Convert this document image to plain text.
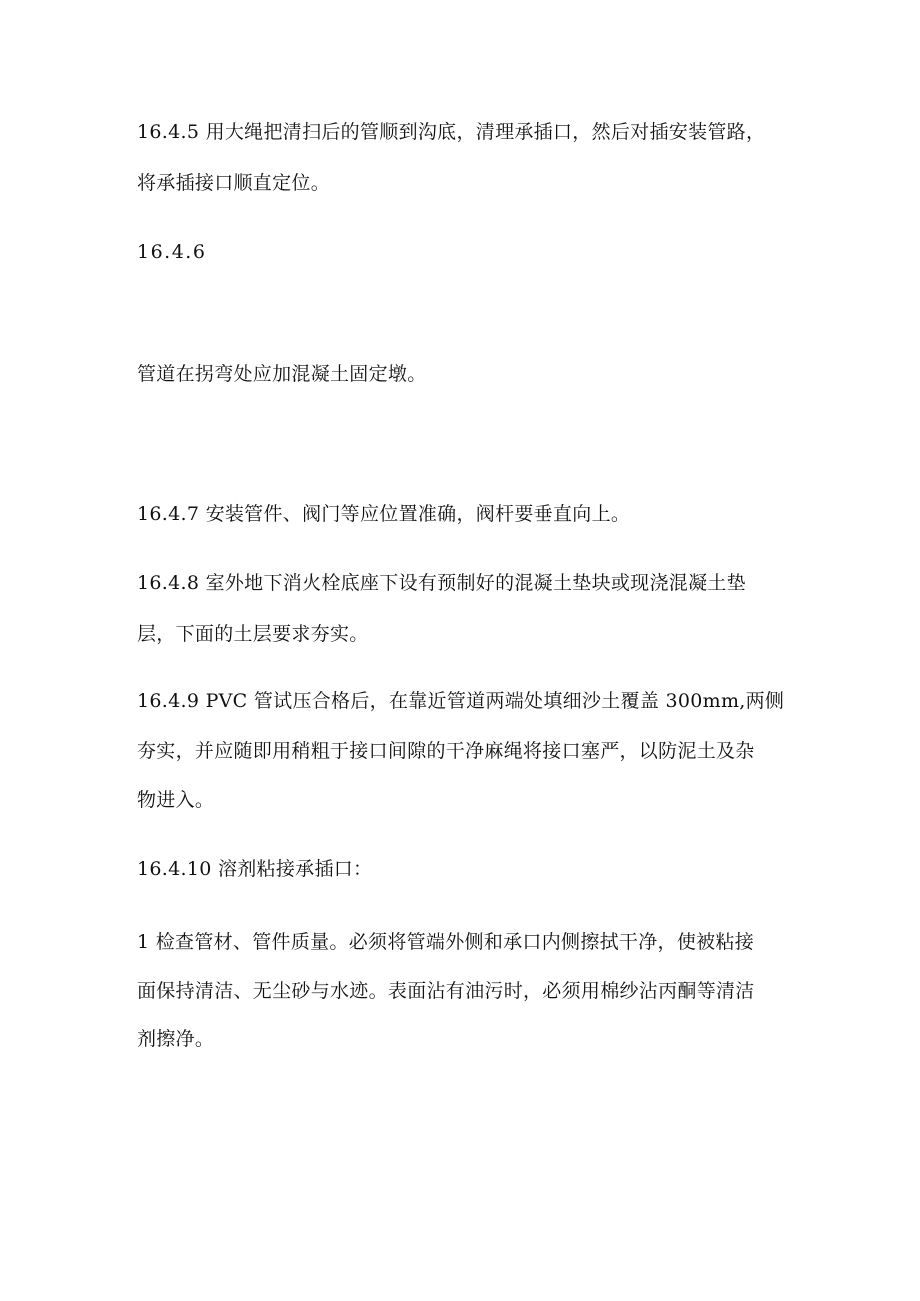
16.4.5 用大绳把清扫后的管顺到沟底，清理承插口，然后对插安装管路，
将承插接口顺直定位。
16.4.6
管道在拐弯处应加混凝土固定墩。
16.4.7 安装管件、阀门等应位置准确，阀杆要垂直向上。
16.4.8 室外地下消火栓底座下设有预制好的混凝土垫块或现浇混凝土垫
层，下面的土层要求夯实。
16.4.9 PVC 管试压合格后，在靠近管道两端处填细沙土覆盖 300mm,两侧
夯实，并应随即用稍粗于接口间隙的干净麻绳将接口塞严，以防泥土及杂
物进入。
16.4.10 溶剂粘接承插口：
1 检查管材、管件质量。必须将管端外侧和承口内侧擦拭干净，使被粘接
面保持清洁、无尘砂与水迹。表面沾有油污时，必须用棉纱沾丙酮等清洁
剂擦净。
